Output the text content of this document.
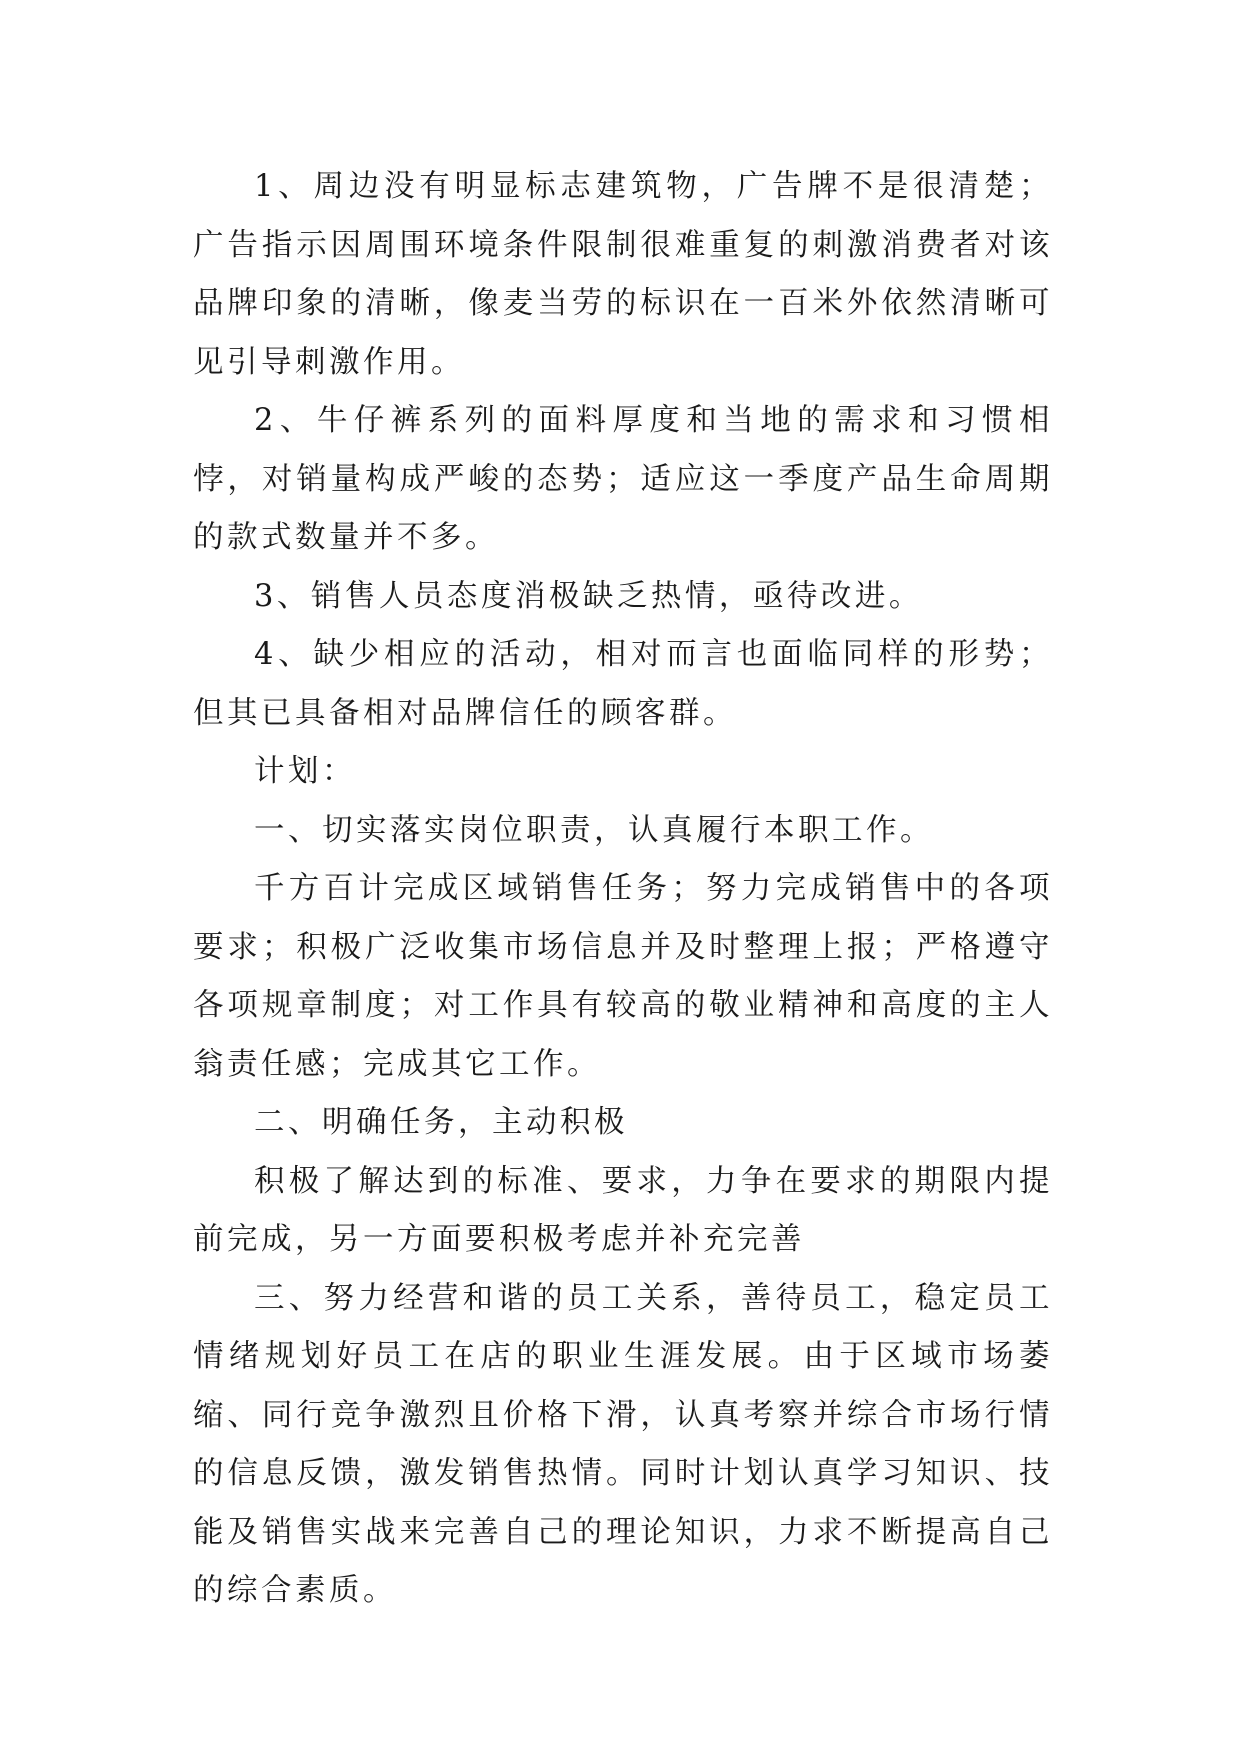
1、周边没有明显标志建筑物，广告牌不是很清楚；广告指示因周围环境条件限制很难重复的刺激消费者对该品牌印象的清晰，像麦当劳的标识在一百米外依然清晰可见引导刺激作用。

2、牛仔裤系列的面料厚度和当地的需求和习惯相悖，对销量构成严峻的态势；适应这一季度产品生命周期的款式数量并不多。

3、销售人员态度消极缺乏热情，亟待改进。

4、缺少相应的活动，相对而言也面临同样的形势；但其已具备相对品牌信任的顾客群。

计划：

一、切实落实岗位职责，认真履行本职工作。

千方百计完成区域销售任务；努力完成销售中的各项要求；积极广泛收集市场信息并及时整理上报；严格遵守各项规章制度；对工作具有较高的敬业精神和高度的主人翁责任感；完成其它工作。

二、明确任务，主动积极

积极了解达到的标准、要求，力争在要求的期限内提前完成，另一方面要积极考虑并补充完善

三、努力经营和谐的员工关系，善待员工，稳定员工情绪规划好员工在店的职业生涯发展。由于区域市场萎缩、同行竞争激烈且价格下滑，认真考察并综合市场行情的信息反馈，激发销售热情。同时计划认真学习知识、技能及销售实战来完善自己的理论知识，力求不断提高自己的综合素质。
